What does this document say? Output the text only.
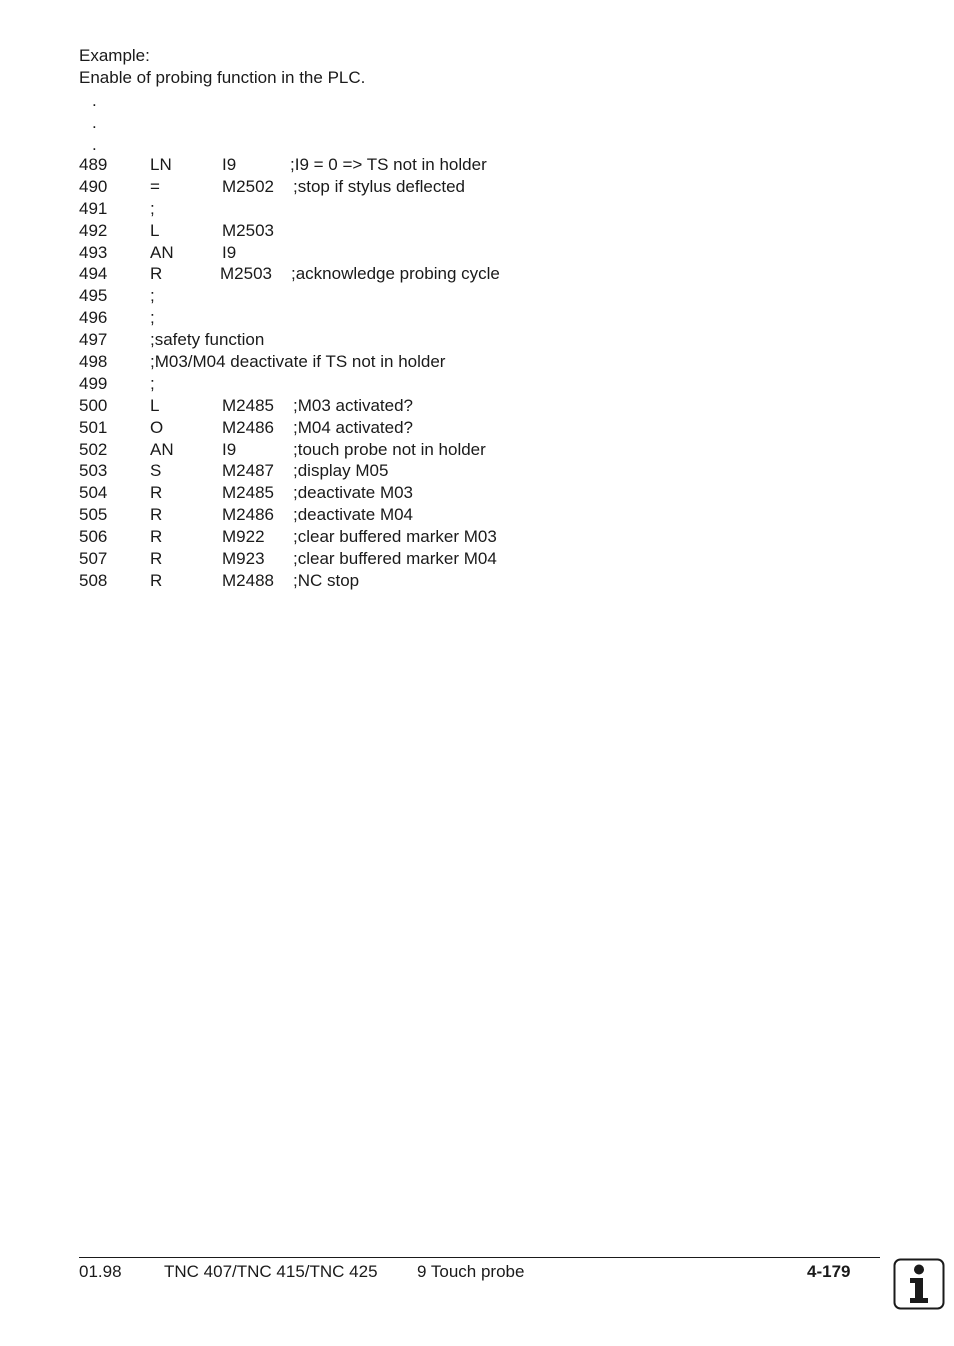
Example:
Enable of probing function in the PLC.
.
.
.
489	LN	I9	;I9 = 0 => TS not in holder
490	=	M2502 ;stop if stylus deflected
491	;
492	L	M2503
493	AN	I9
494	R	M2503 ;acknowledge probing cycle
495	;
496	;
497	;safety function
498	;M03/M04 deactivate if TS not in holder
499	;
500	L	M2485 ;M03 activated?
501	O	M2486 ;M04 activated?
502	AN	I9	;touch probe not in holder
503	S	M2487 ;display M05
504	R	M2485 ;deactivate M03
505	R	M2486 ;deactivate M04
506	R	M922 ;clear buffered marker M03
507	R	M923 ;clear buffered marker M04
508	R	M2488 ;NC stop
01.98 TNC 407/TNC 415/TNC 425 9 Touch probe	4-179
